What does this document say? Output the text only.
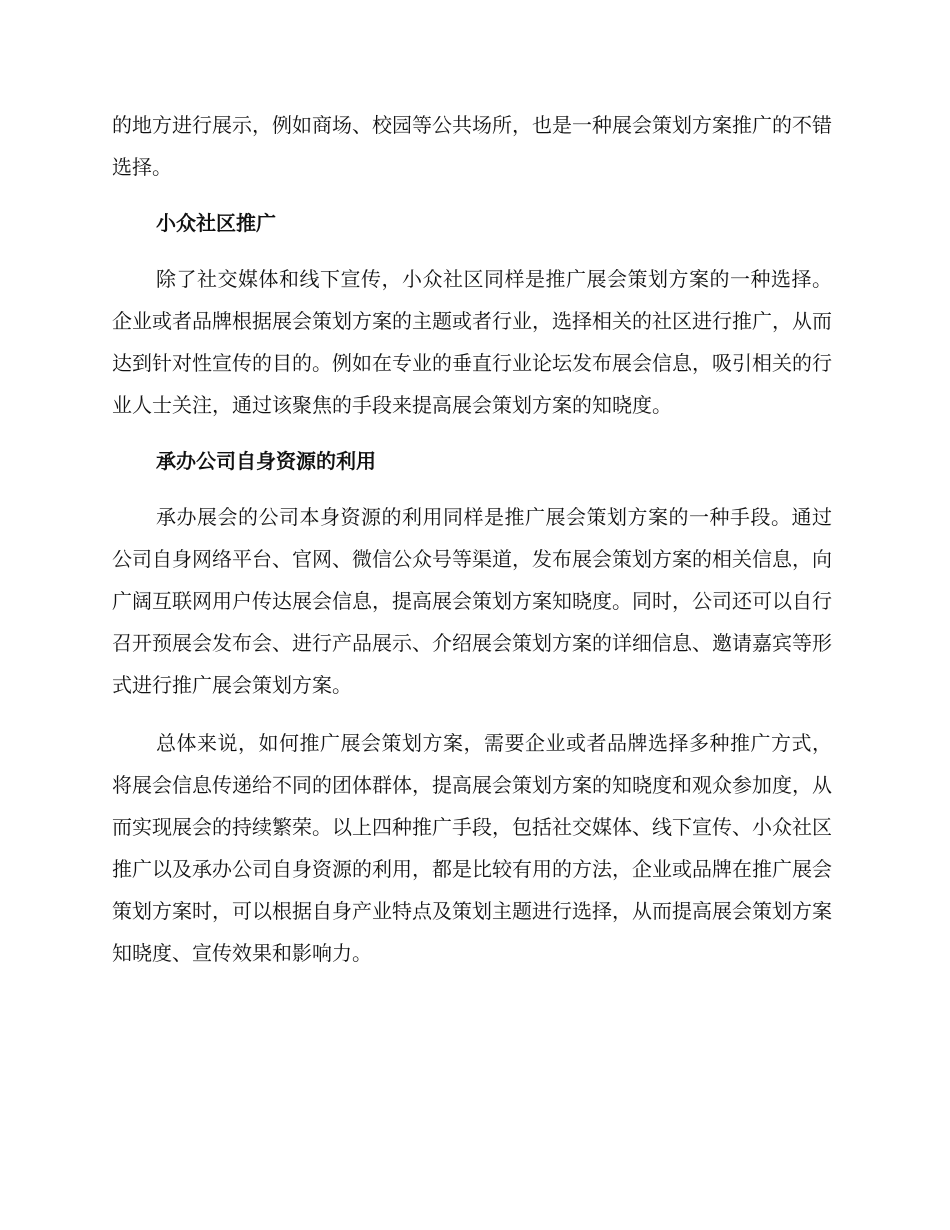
的地方进行展示，例如商场、校园等公共场所，也是一种展会策划方案推广的不错选择。

小众社区推广

除了社交媒体和线下宣传，小众社区同样是推广展会策划方案的一种选择。企业或者品牌根据展会策划方案的主题或者行业，选择相关的社区进行推广，从而达到针对性宣传的目的。例如在专业的垂直行业论坛发布展会信息，吸引相关的行业人士关注，通过该聚焦的手段来提高展会策划方案的知晓度。

承办公司自身资源的利用

承办展会的公司本身资源的利用同样是推广展会策划方案的一种手段。通过公司自身网络平台、官网、微信公众号等渠道，发布展会策划方案的相关信息，向广阔互联网用户传达展会信息，提高展会策划方案知晓度。同时，公司还可以自行召开预展会发布会、进行产品展示、介绍展会策划方案的详细信息、邀请嘉宾等形式进行推广展会策划方案。

总体来说，如何推广展会策划方案，需要企业或者品牌选择多种推广方式，将展会信息传递给不同的团体群体，提高展会策划方案的知晓度和观众参加度，从而实现展会的持续繁荣。以上四种推广手段，包括社交媒体、线下宣传、小众社区推广以及承办公司自身资源的利用，都是比较有用的方法，企业或品牌在推广展会策划方案时，可以根据自身产业特点及策划主题进行选择，从而提高展会策划方案知晓度、宣传效果和影响力。
